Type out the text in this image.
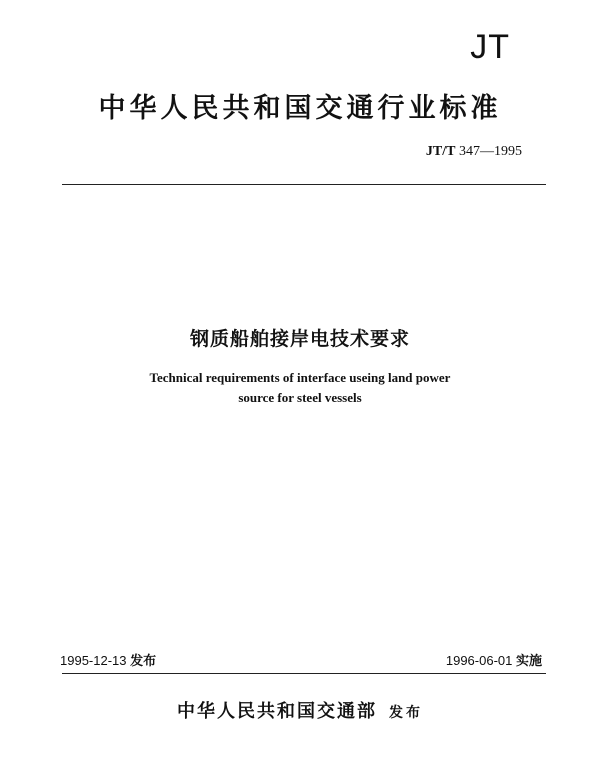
JT
中华人民共和国交通行业标准
JT/T 347—1995
钢质船舶接岸电技术要求
Technical requirements of interface useing land power
source for steel vessels
1995-12-13 发布	1996-06-01 实施
中华人民共和国交通部 发布
